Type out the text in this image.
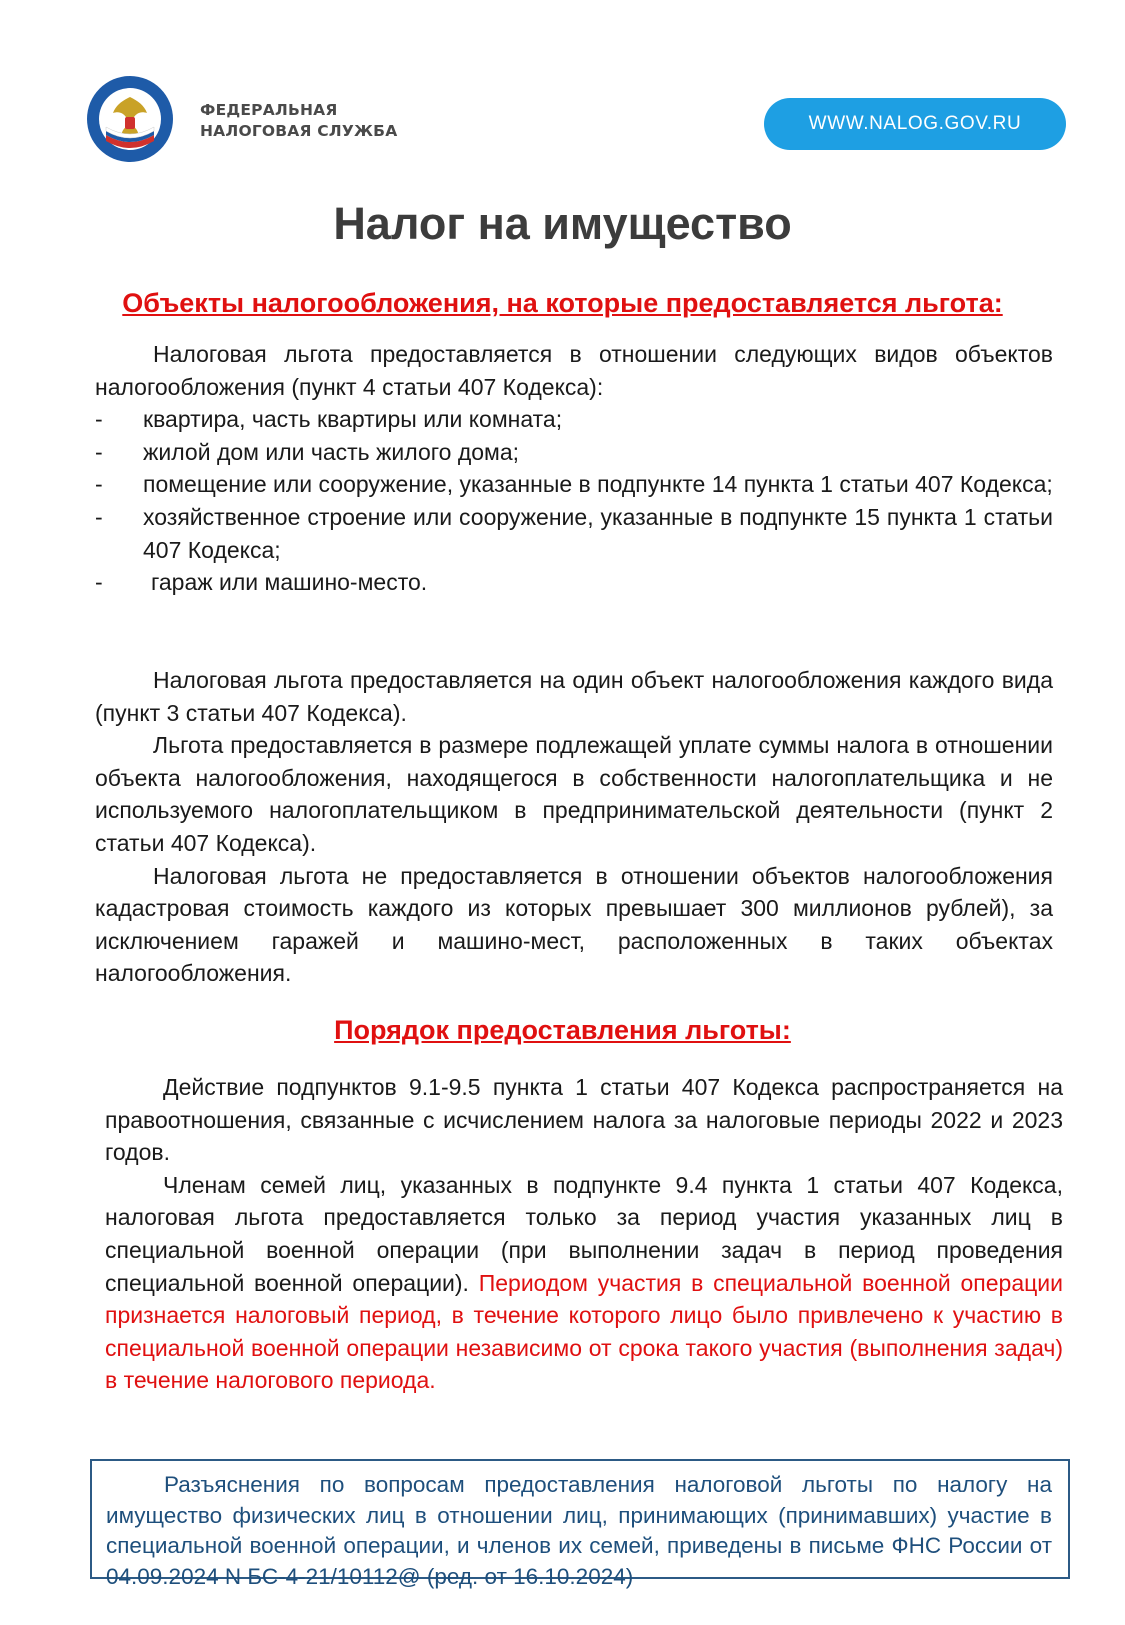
ФЕДЕРАЛЬНАЯ
НАЛОГОВАЯ СЛУЖБА	WWW.NALOG.GOV.RU
Налог на имущество
Объекты налогообложения, на которые предоставляется льгота:

Налоговая льгота предоставляется в отношении следующих видов объектов налогообложения (пункт 4 статьи 407 Кодекса):

- квартира, часть квартиры или комната;
- жилой дом или часть жилого дома;
- помещение или сооружение, указанные в подпункте 14 пункта 1 статьи 407 Кодекса;
- хозяйственное строение или сооружение, указанные в подпункте 15 пункта 1 статьи 407 Кодекса;
- гараж или машино-место.

Налоговая льгота предоставляется на один объект налогообложения каждого вида (пункт 3 статьи 407 Кодекса).

Льгота предоставляется в размере подлежащей уплате суммы налога в отношении объекта налогообложения, находящегося в собственности налогоплательщика и не используемого налогоплательщиком в предпринимательской деятельности (пункт 2 статьи 407 Кодекса).

Налоговая льгота не предоставляется в отношении объектов налогообложения кадастровая стоимость каждого из которых превышает 300 миллионов рублей), за исключением гаражей и машино-мест, расположенных в таких объектах налогообложения.

Порядок предоставления льготы:

Действие подпунктов 9.1-9.5 пункта 1 статьи 407 Кодекса распространяется на правоотношения, связанные с исчислением налога за налоговые периоды 2022 и 2023 годов.

Членам семей лиц, указанных в подпункте 9.4 пункта 1 статьи 407 Кодекса, налоговая льгота предоставляется только за период участия указанных лиц в специальной военной операции (при выполнении задач в период проведения специальной военной операции). Периодом участия в специальной военной операции признается налоговый период, в течение которого лицо было привлечено к участию в специальной военной операции независимо от срока такого участия (выполнения задач) в течение налогового периода.

Разъяснения по вопросам предоставления налоговой льготы по налогу на имущество физических лиц в отношении лиц, принимающих (принимавших) участие в специальной военной операции, и членов их семей, приведены в письме ФНС России от 04.09.2024 N БС-4-21/10112@ (ред. от 16.10.2024)
